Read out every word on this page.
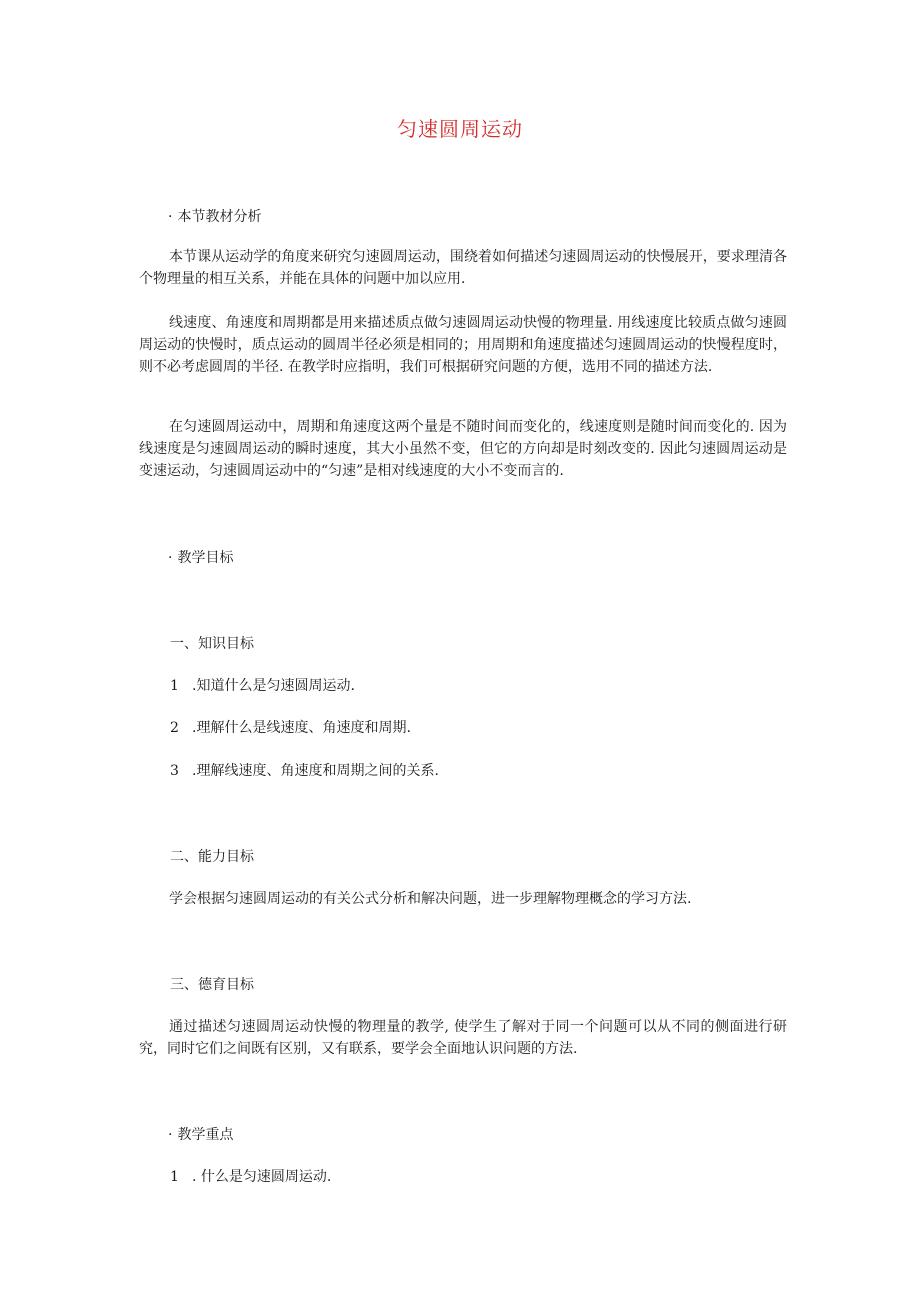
匀速圆周运动
· 本节教材分析

本节课从运动学的角度来研究匀速圆周运动，围绕着如何描述匀速圆周运动的快慢展开，要求理清各个物理量的相互关系，并能在具体的问题中加以应用.

线速度、角速度和周期都是用来描述质点做匀速圆周运动快慢的物理量. 用线速度比较质点做匀速圆周运动的快慢时，质点运动的圆周半径必须是相同的；用周期和角速度描述匀速圆周运动的快慢程度时，则不必考虑圆周的半径. 在教学时应指明，我们可根据研究问题的方便，选用不同的描述方法.

在匀速圆周运动中，周期和角速度这两个量是不随时间而变化的，线速度则是随时间而变化的. 因为线速度是匀速圆周运动的瞬时速度，其大小虽然不变，但它的方向却是时刻改变的. 因此匀速圆周运动是变速运动，匀速圆周运动中的“匀速”是相对线速度的大小不变而言的.

· 教学目标
一、知识目标
1 .知道什么是匀速圆周运动.
2 .理解什么是线速度、角速度和周期.
3 .理解线速度、角速度和周期之间的关系.
二、能力目标

学会根据匀速圆周运动的有关公式分析和解决问题，进一步理解物理概念的学习方法.

三、德育目标

通过描述匀速圆周运动快慢的物理量的教学, 使学生了解对于同一个问题可以从不同的侧面进行研究，同时它们之间既有区别，又有联系，要学会全面地认识问题的方法.

· 教学重点
1 . 什么是匀速圆周运动.
